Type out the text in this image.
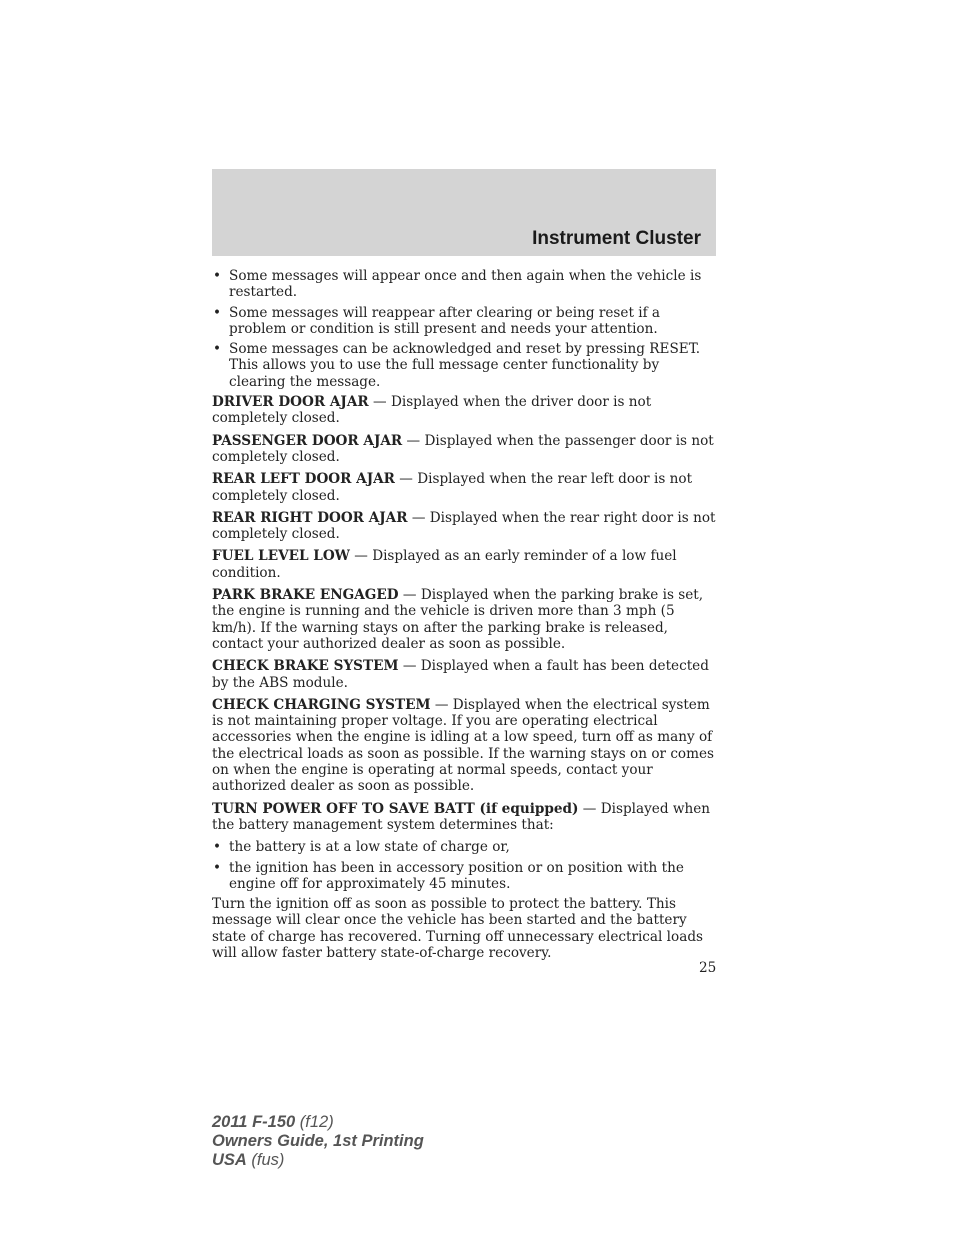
Instrument Cluster
• Some messages will appear once and then again when the vehicle is restarted.
• Some messages will reappear after clearing or being reset if a problem or condition is still present and needs your attention.
• Some messages can be acknowledged and reset by pressing RESET. This allows you to use the full message center functionality by clearing the message.
DRIVER DOOR AJAR — Displayed when the driver door is not completely closed.
PASSENGER DOOR AJAR — Displayed when the passenger door is not completely closed.
REAR LEFT DOOR AJAR — Displayed when the rear left door is not completely closed.
REAR RIGHT DOOR AJAR — Displayed when the rear right door is not completely closed.
FUEL LEVEL LOW — Displayed as an early reminder of a low fuel condition.
PARK BRAKE ENGAGED — Displayed when the parking brake is set, the engine is running and the vehicle is driven more than 3 mph (5 km/h). If the warning stays on after the parking brake is released, contact your authorized dealer as soon as possible.
CHECK BRAKE SYSTEM — Displayed when a fault has been detected by the ABS module.
CHECK CHARGING SYSTEM — Displayed when the electrical system is not maintaining proper voltage. If you are operating electrical accessories when the engine is idling at a low speed, turn off as many of the electrical loads as soon as possible. If the warning stays on or comes on when the engine is operating at normal speeds, contact your authorized dealer as soon as possible.
TURN POWER OFF TO SAVE BATT (if equipped) — Displayed when the battery management system determines that:
• the battery is at a low state of charge or,
• the ignition has been in accessory position or on position with the engine off for approximately 45 minutes.
Turn the ignition off as soon as possible to protect the battery. This message will clear once the vehicle has been started and the battery state of charge has recovered. Turning off unnecessary electrical loads will allow faster battery state-of-charge recovery.
25
2011 F-150 (f12)
Owners Guide, 1st Printing
USA (fus)
